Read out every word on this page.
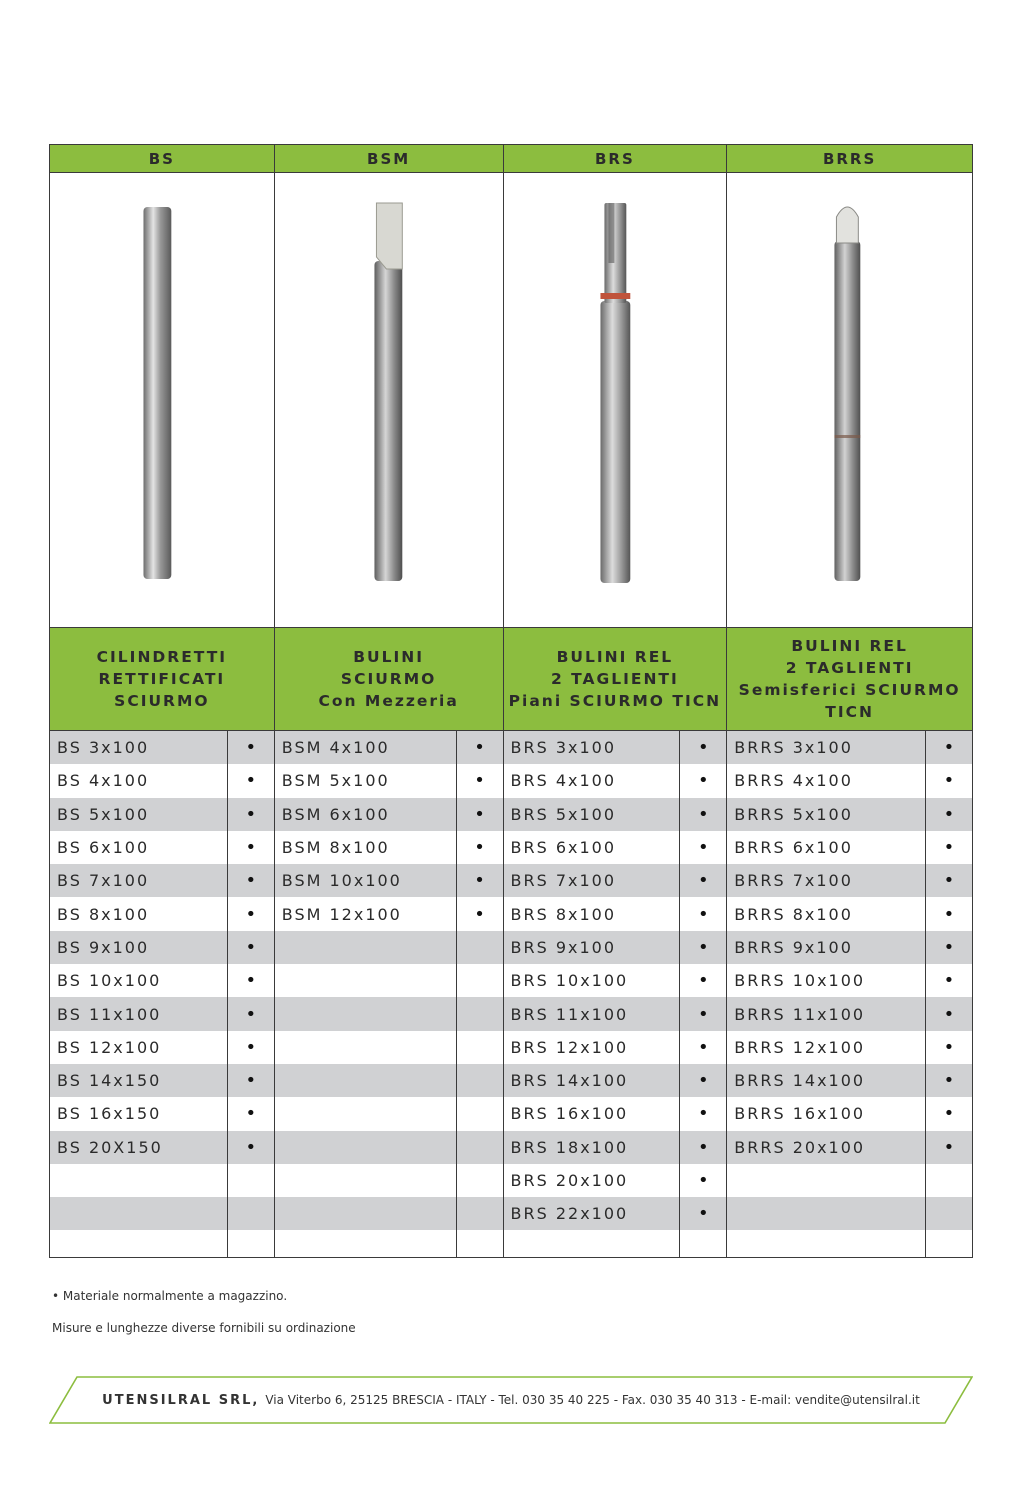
BS
CILINDRETTI
RETTIFICATI
SCIURMO
BS 3x100	•
BS 4x100	•
BS 5x100	•
BS 6x100	•
BS 7x100	•
BS 8x100	•
BS 9x100	•
BS 10x100	•
BS 11x100	•
BS 12x100	•
BS 14x150	•
BS 16x150	•
BS 20X150	•
BSM
BULINI
SCIURMO
Con Mezzeria
BSM 4x100	•
BSM 5x100	•
BSM 6x100	•
BSM 8x100	•
BSM 10x100	•
BSM 12x100	•
BRS
BULINI REL
2 TAGLIENTI
Piani SCIURMO TICN
BRS 3x100	•
BRS 4x100	•
BRS 5x100	•
BRS 6x100	•
BRS 7x100	•
BRS 8x100	•
BRS 9x100	•
BRS 10x100	•
BRS 11x100	•
BRS 12x100	•
BRS 14x100	•
BRS 16x100	•
BRS 18x100	•
BRS 20x100	•
BRS 22x100	•
BRRS
BULINI REL
2 TAGLIENTI
Semisferici SCIURMO
TICN
BRRS 3x100	•
BRRS 4x100	•
BRRS 5x100	•
BRRS 6x100	•
BRRS 7x100	•
BRRS 8x100	•
BRRS 9x100	•
BRRS 10x100	•
BRRS 11x100	•
BRRS 12x100	•
BRRS 14x100	•
BRRS 16x100	•
BRRS 20x100	•
• Materiale normalmente a magazzino.
Misure e lunghezze diverse fornibili su ordinazione
UTENSILRAL SRL, Via Viterbo 6, 25125 BRESCIA - ITALY - Tel. 030 35 40 225 - Fax. 030 35 40 313 - E-mail: vendite@utensilral.it
